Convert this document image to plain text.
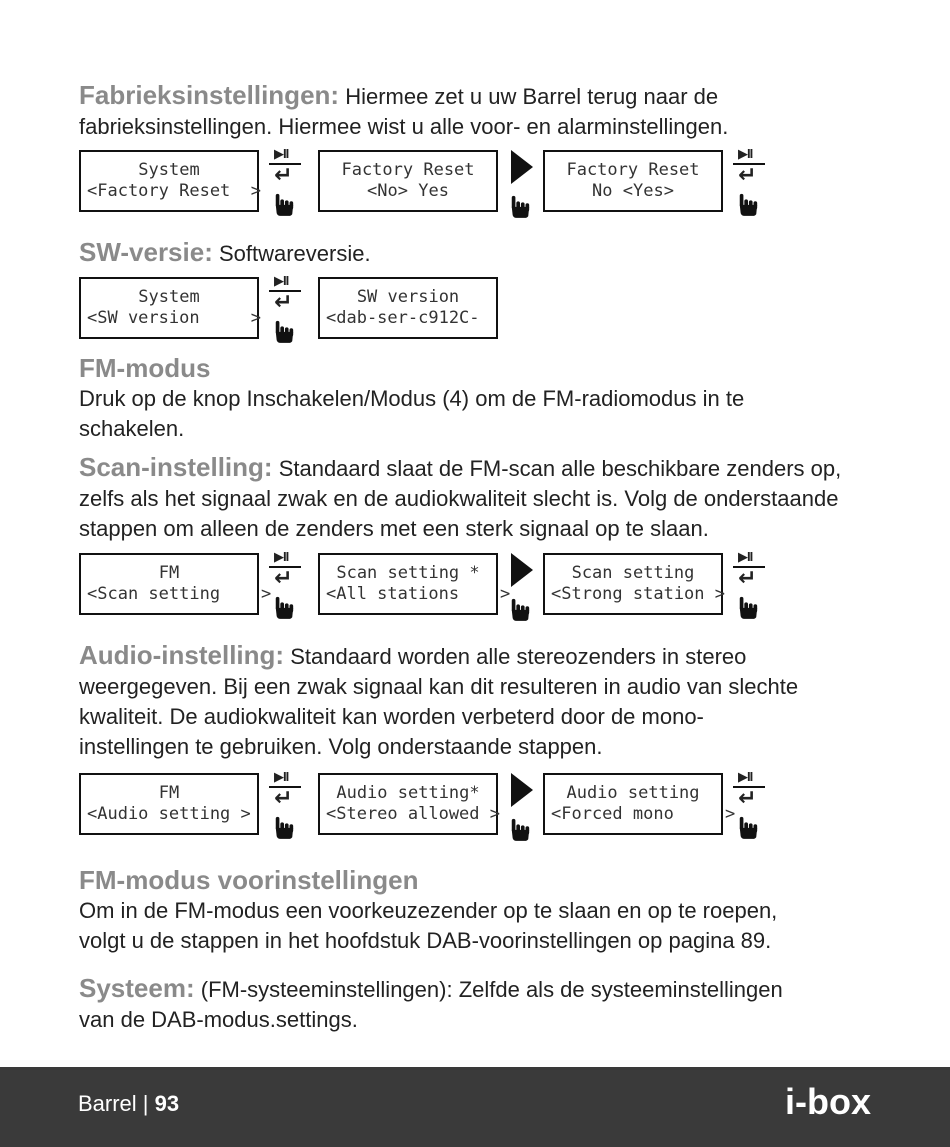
Fabrieksinstellingen: Hiermee zet u uw Barrel terug naar de

fabrieksinstellingen. Hiermee wist u alle voor- en alarminstellingen.

System
<Factory Reset  >
▶II
↵	Factory Reset
<No> Yes
Factory Reset
No <Yes>
▶II
↵

SW-versie: Softwareversie.

System
<SW version     >
▶II
↵	SW version
<dab-ser-c912C-

FM-modus

Druk op de knop Inschakelen/Modus (4) om de FM-radiomodus in te

schakelen.

Scan-instelling: Standaard slaat de FM-scan alle beschikbare zenders op,

zelfs als het signaal zwak en de audiokwaliteit slecht is. Volg de onderstaande

stappen om alleen de zenders met een sterk signaal op te slaan.

FM
<Scan setting    >
▶II
↵	Scan setting *
<All stations    >
Scan setting
<Strong station >
▶II
↵

Audio-instelling: Standaard worden alle stereozenders in stereo

weergegeven. Bij een zwak signaal kan dit resulteren in audio van slechte

kwaliteit. De audiokwaliteit kan worden verbeterd door de mono-

instellingen te gebruiken. Volg onderstaande stappen.

FM
<Audio setting >
▶II
↵	Audio setting*
<Stereo allowed >
Audio setting
<Forced mono     >
▶II
↵

FM-modus voorinstellingen

Om in de FM-modus een voorkeuzezender op te slaan en op te roepen,

volgt u de stappen in het hoofdstuk DAB-voorinstellingen op pagina 89.

Systeem: (FM-systeeminstellingen): Zelfde als de systeeminstellingen

van de DAB-modus.settings.

Barrel | 93	i-box
